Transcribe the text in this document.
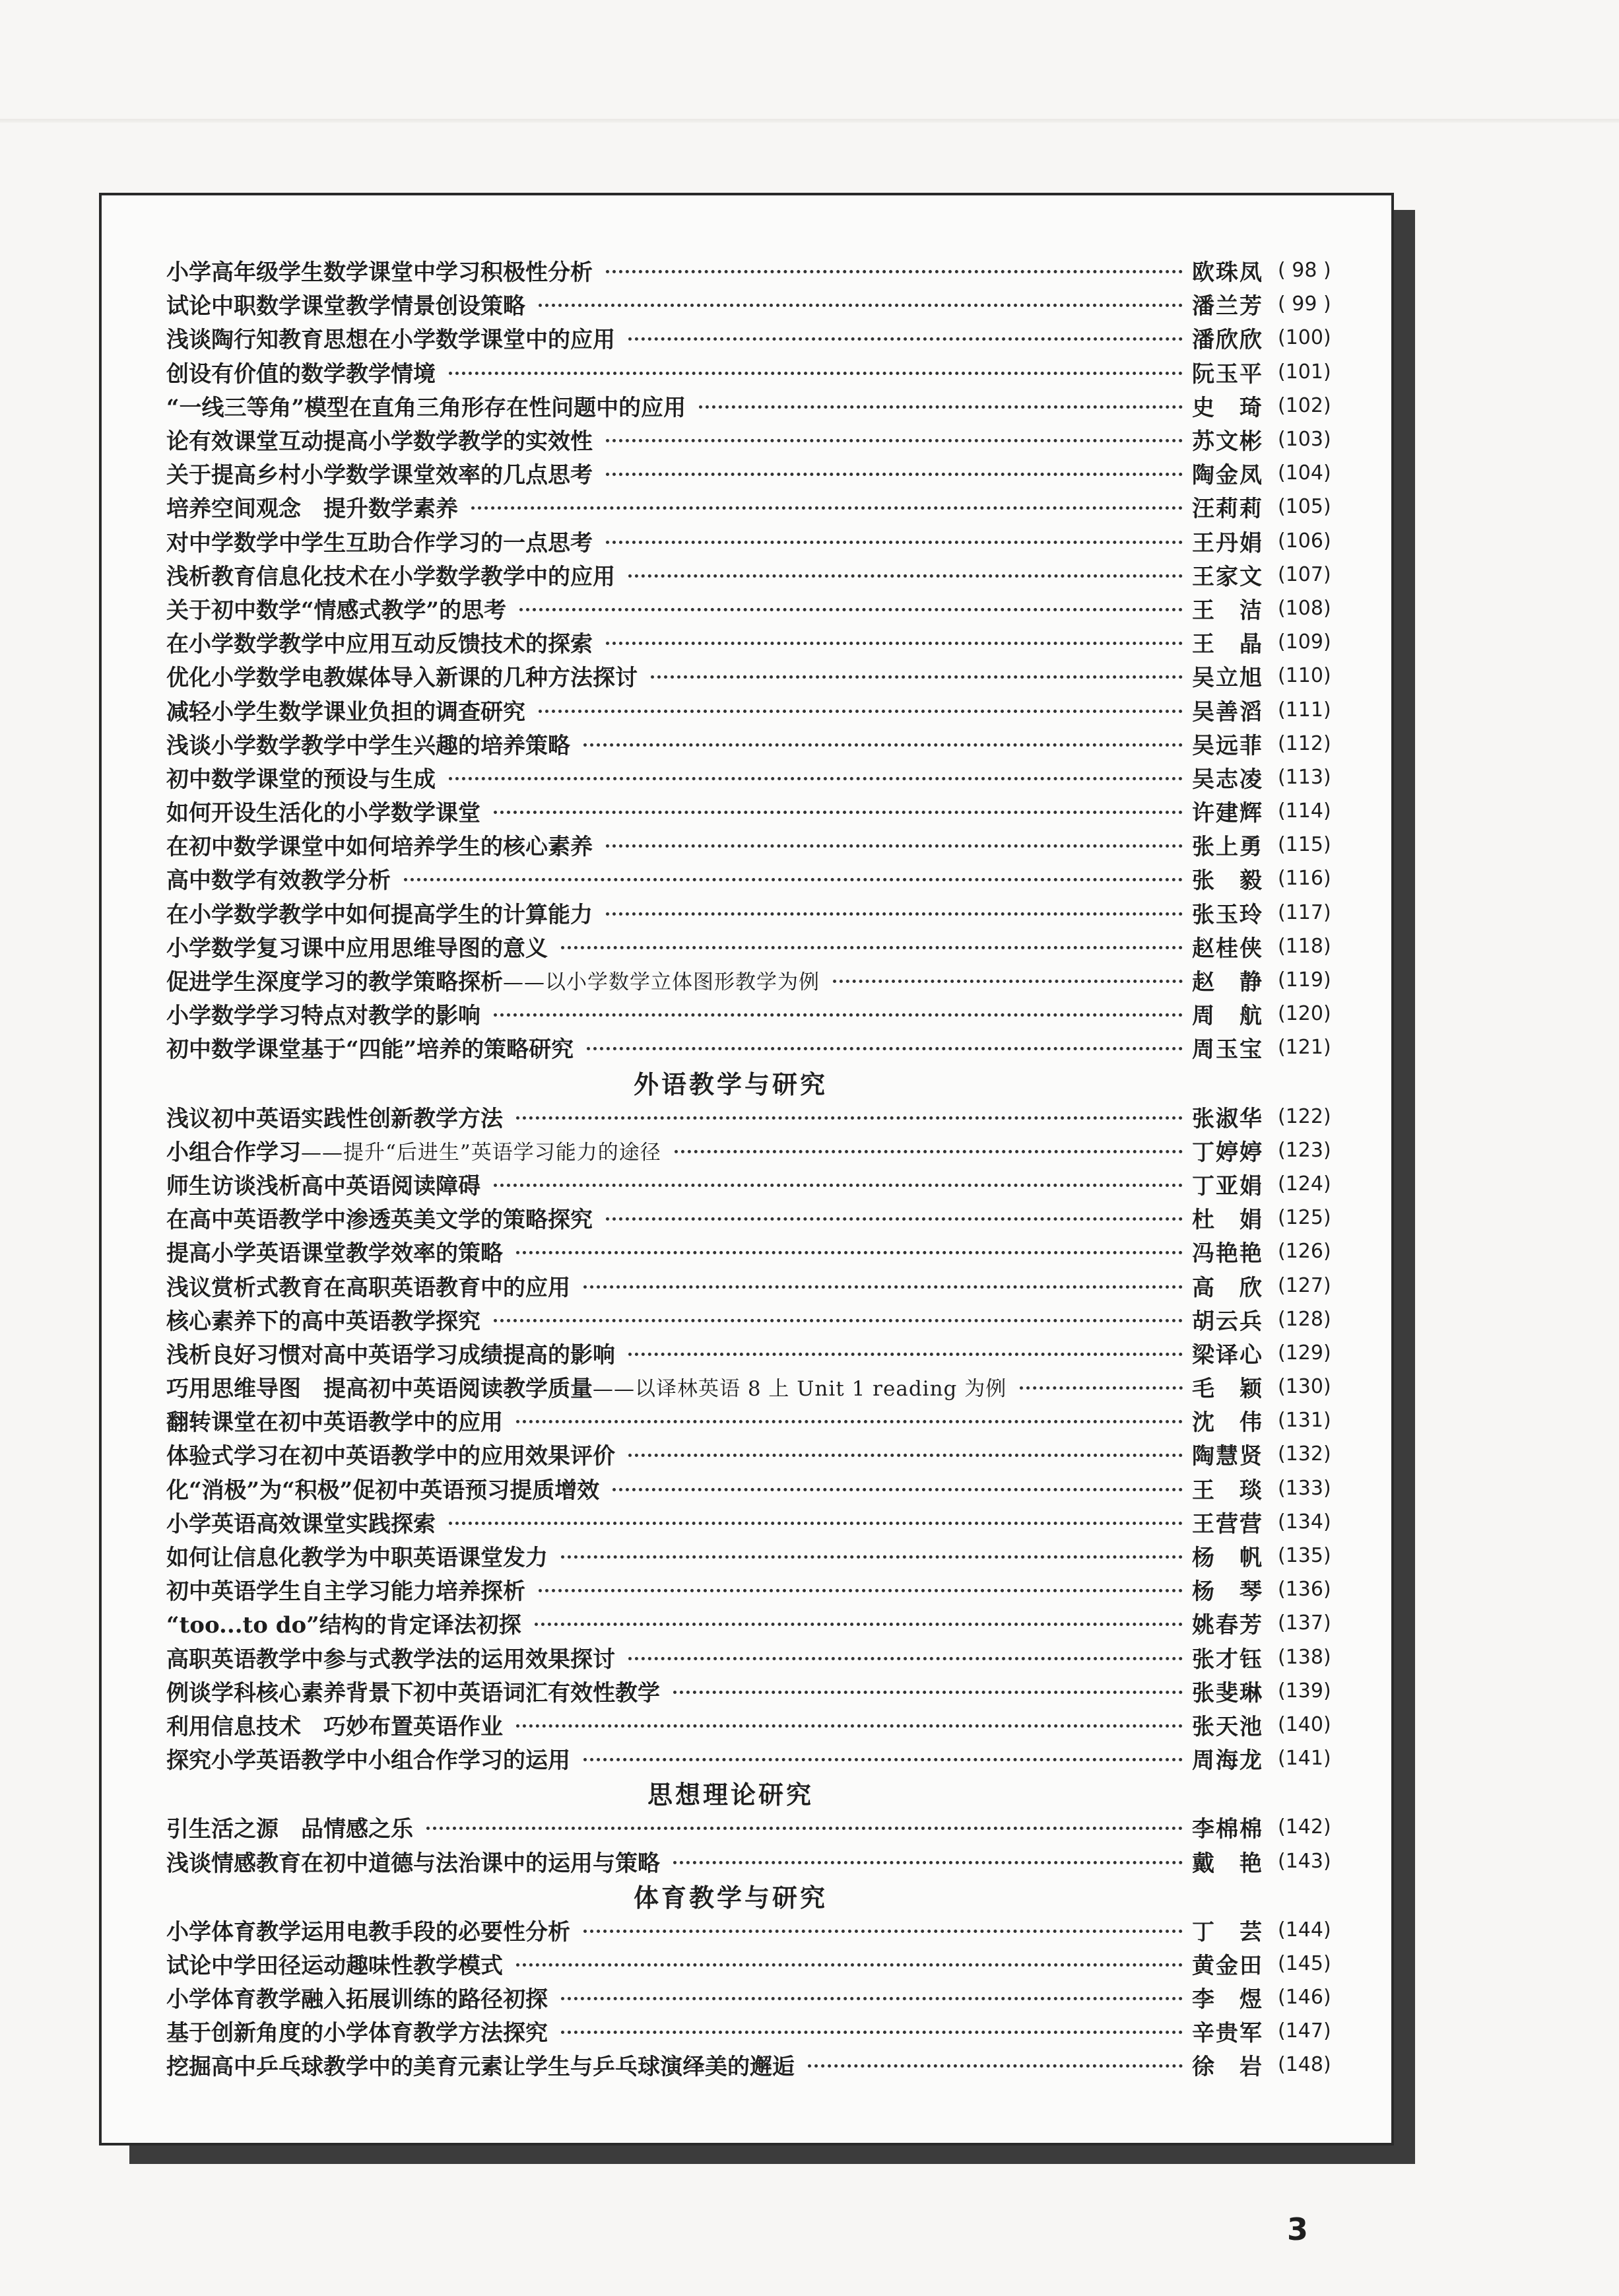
小学高年级学生数学课堂中学习积极性分析	欧珠凤 ( 98 )
试论中职数学课堂教学情景创设策略	潘兰芳 ( 99 )
浅谈陶行知教育思想在小学数学课堂中的应用	潘欣欣 (100)
创设有价值的数学教学情境	阮玉平 (101)
“一线三等角”模型在直角三角形存在性问题中的应用	史　琦 (102)
论有效课堂互动提高小学数学教学的实效性	苏文彬 (103)
关于提高乡村小学数学课堂效率的几点思考	陶金凤 (104)
培养空间观念　提升数学素养	汪莉莉 (105)
对中学数学中学生互助合作学习的一点思考	王丹娟 (106)
浅析教育信息化技术在小学数学教学中的应用	王家文 (107)
关于初中数学“情感式教学”的思考	王　洁 (108)
在小学数学教学中应用互动反馈技术的探索	王　晶 (109)
优化小学数学电教媒体导入新课的几种方法探讨	吴立旭 (110)
减轻小学生数学课业负担的调查研究	吴善滔 (111)
浅谈小学数学教学中学生兴趣的培养策略	吴远菲 (112)
初中数学课堂的预设与生成	吴志凌 (113)
如何开设生活化的小学数学课堂	许建辉 (114)
在初中数学课堂中如何培养学生的核心素养	张上勇 (115)
高中数学有效教学分析	张　毅 (116)
在小学数学教学中如何提高学生的计算能力	张玉玲 (117)
小学数学复习课中应用思维导图的意义	赵桂侠 (118)
促进学生深度学习的教学策略探析 ——以小学数学立体图形教学为例	赵　静 (119)
小学数学学习特点对教学的影响	周　航 (120)
初中数学课堂基于“四能”培养的策略研究	周玉宝 (121)
外语教学与研究
浅议初中英语实践性创新教学方法	张淑华 (122)
小组合作学习 ——提升“后进生”英语学习能力的途径	丁婷婷 (123)
师生访谈浅析高中英语阅读障碍	丁亚娟 (124)
在高中英语教学中渗透英美文学的策略探究	杜　娟 (125)
提高小学英语课堂教学效率的策略	冯艳艳 (126)
浅议赏析式教育在高职英语教育中的应用	高　欣 (127)
核心素养下的高中英语教学探究	胡云兵 (128)
浅析良好习惯对高中英语学习成绩提高的影响	梁译心 (129)
巧用思维导图　提高初中英语阅读教学质量 ——以译林英语 8 上 Unit 1 reading 为例	毛　颖 (130)
翻转课堂在初中英语教学中的应用	沈　伟 (131)
体验式学习在初中英语教学中的应用效果评价	陶慧贤 (132)
化“消极”为“积极”促初中英语预习提质增效	王　琰 (133)
小学英语高效课堂实践探索	王营营 (134)
如何让信息化教学为中职英语课堂发力	杨　帆 (135)
初中英语学生自主学习能力培养探析	杨　琴 (136)
“too...to do”结构的肯定译法初探	姚春芳 (137)
高职英语教学中参与式教学法的运用效果探讨	张才钰 (138)
例谈学科核心素养背景下初中英语词汇有效性教学	张斐琳 (139)
利用信息技术　巧妙布置英语作业	张天池 (140)
探究小学英语教学中小组合作学习的运用	周海龙 (141)
思想理论研究
引生活之源　品情感之乐	李棉棉 (142)
浅谈情感教育在初中道德与法治课中的运用与策略	戴　艳 (143)
体育教学与研究
小学体育教学运用电教手段的必要性分析	丁　芸 (144)
试论中学田径运动趣味性教学模式	黄金田 (145)
小学体育教学融入拓展训练的路径初探	李　煜 (146)
基于创新角度的小学体育教学方法探究	辛贵军 (147)
挖掘高中乒乓球教学中的美育元素让学生与乒乓球演绎美的邂逅	徐　岩 (148)
3
